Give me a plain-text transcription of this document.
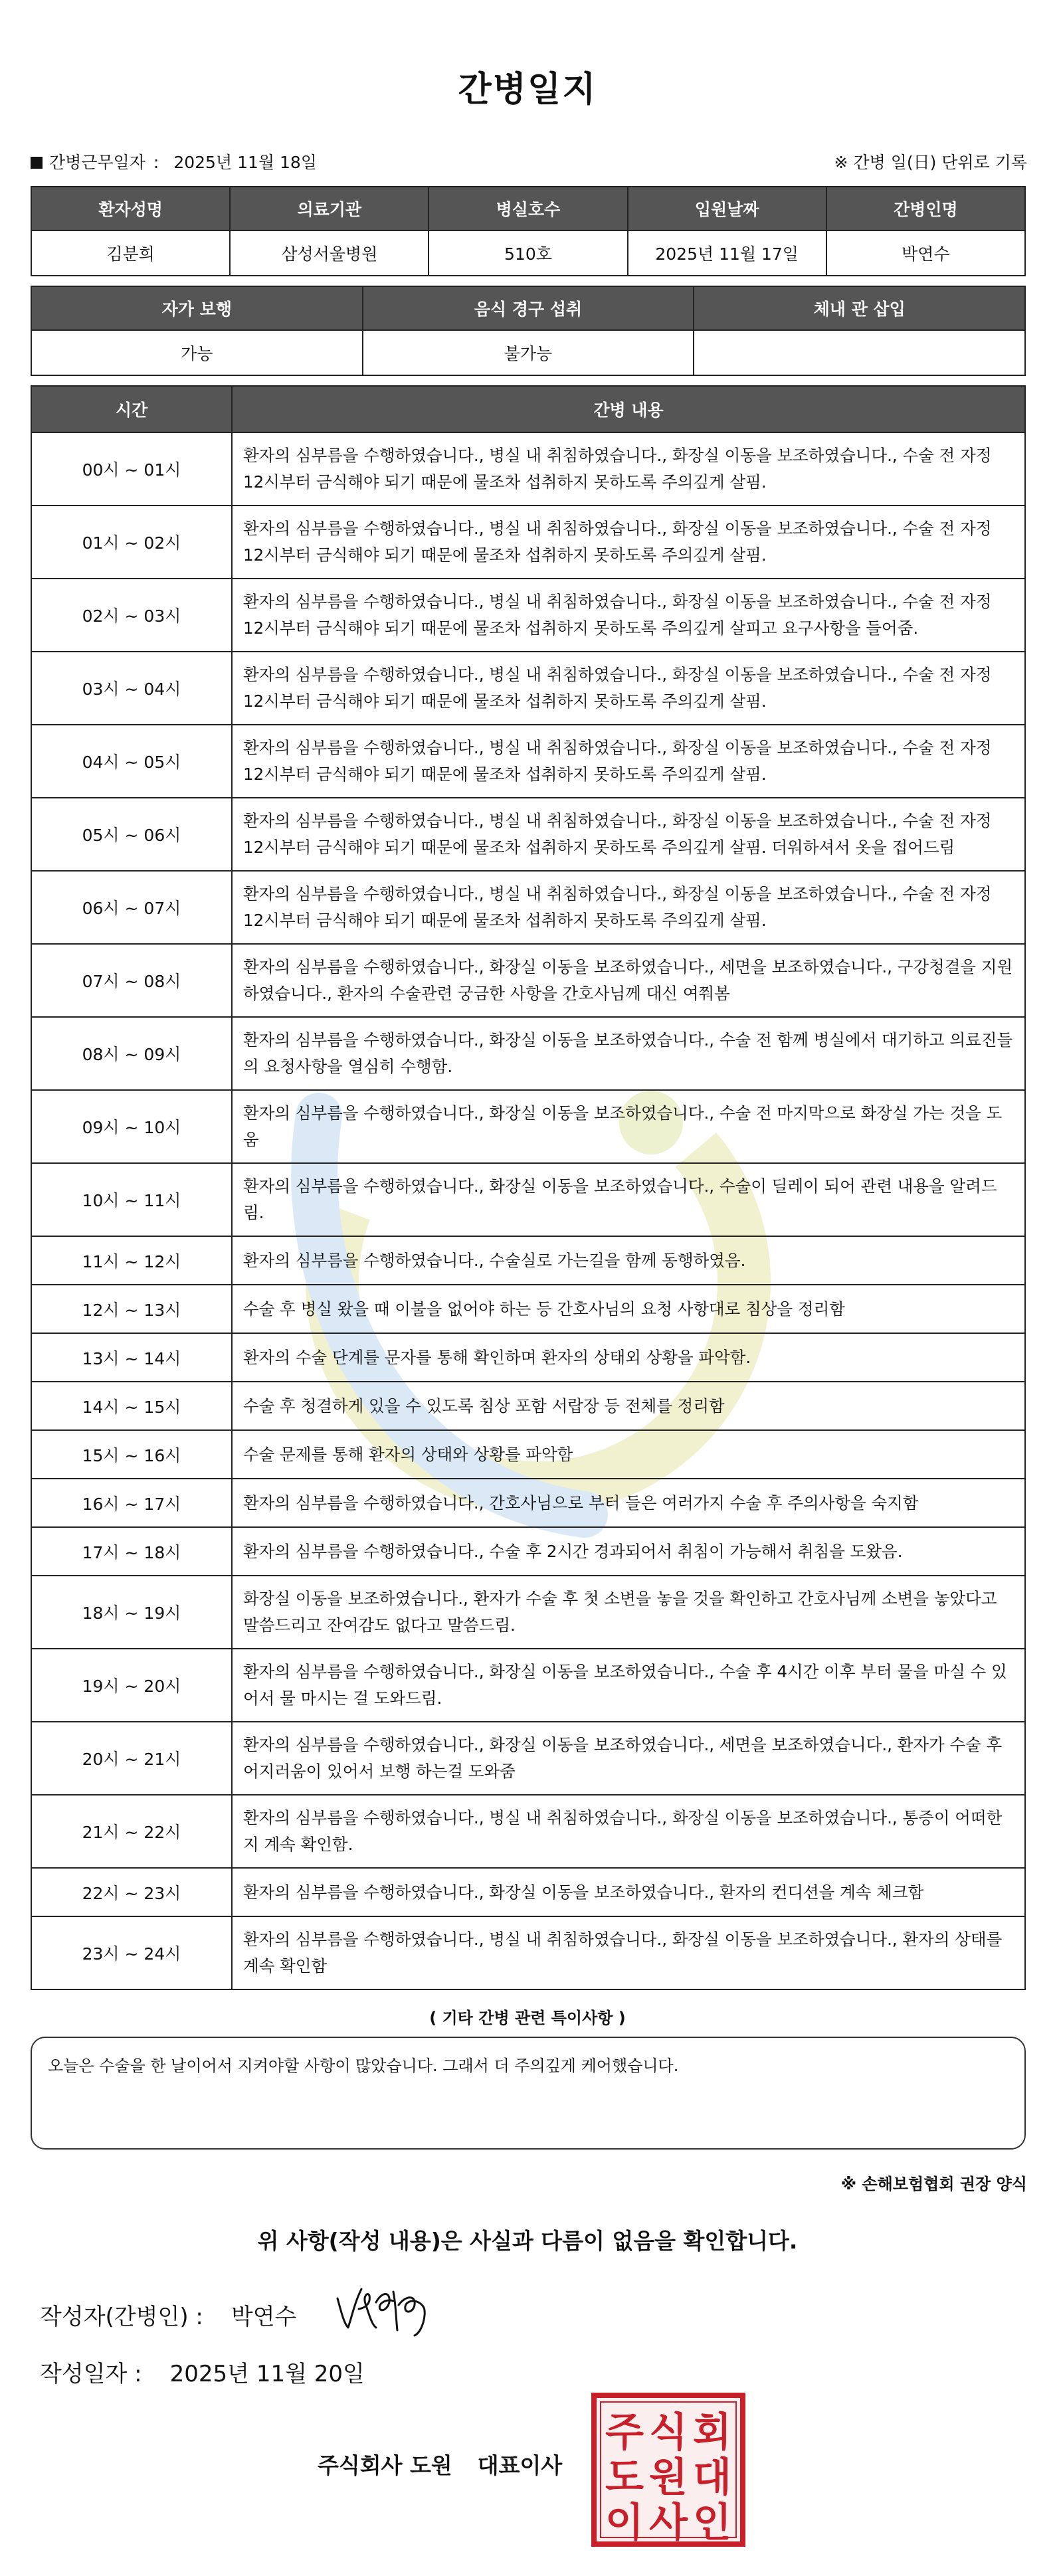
간병일지
간병근무일자 : 2025년 11월 18일	※ 간병 일(日) 단위로 기록
환자성명	의료기관	병실호수	입원날짜	간병인명
김분희	삼성서울병원	510호	2025년 11월 17일	박연수
자가 보행	음식 경구 섭취	체내 관 삽입
가능	불가능	
시간	간병 내용
00시 ~ 01시	환자의 심부름을 수행하였습니다., 병실 내 취침하였습니다., 화장실 이동을 보조하였습니다., 수술 전 자정 12시부터 금식해야 되기 때문에 물조차 섭취하지 못하도록 주의깊게 살핌.
01시 ~ 02시	환자의 심부름을 수행하였습니다., 병실 내 취침하였습니다., 화장실 이동을 보조하였습니다., 수술 전 자정 12시부터 금식해야 되기 때문에 물조차 섭취하지 못하도록 주의깊게 살핌.
02시 ~ 03시	환자의 심부름을 수행하였습니다., 병실 내 취침하였습니다., 화장실 이동을 보조하였습니다., 수술 전 자정 12시부터 금식해야 되기 때문에 물조차 섭취하지 못하도록 주의깊게 살피고 요구사항을 들어줌.
03시 ~ 04시	환자의 심부름을 수행하였습니다., 병실 내 취침하였습니다., 화장실 이동을 보조하였습니다., 수술 전 자정 12시부터 금식해야 되기 때문에 물조차 섭취하지 못하도록 주의깊게 살핌.
04시 ~ 05시	환자의 심부름을 수행하였습니다., 병실 내 취침하였습니다., 화장실 이동을 보조하였습니다., 수술 전 자정 12시부터 금식해야 되기 때문에 물조차 섭취하지 못하도록 주의깊게 살핌.
05시 ~ 06시	환자의 심부름을 수행하였습니다., 병실 내 취침하였습니다., 화장실 이동을 보조하였습니다., 수술 전 자정 12시부터 금식해야 되기 때문에 물조차 섭취하지 못하도록 주의깊게 살핌. 더워하셔서 옷을 접어드림
06시 ~ 07시	환자의 심부름을 수행하였습니다., 병실 내 취침하였습니다., 화장실 이동을 보조하였습니다., 수술 전 자정 12시부터 금식해야 되기 때문에 물조차 섭취하지 못하도록 주의깊게 살핌.
07시 ~ 08시	환자의 심부름을 수행하였습니다., 화장실 이동을 보조하였습니다., 세면을 보조하였습니다., 구강청결을 지원하였습니다., 환자의 수술관련 궁금한 사항을 간호사님께 대신 여쭤봄
08시 ~ 09시	환자의 심부름을 수행하였습니다., 화장실 이동을 보조하였습니다., 수술 전 함께 병실에서 대기하고 의료진들의 요청사항을 열심히 수행함.
09시 ~ 10시	환자의 심부름을 수행하였습니다., 화장실 이동을 보조하였습니다., 수술 전 마지막으로 화장실 가는 것을 도움
10시 ~ 11시	환자의 심부름을 수행하였습니다., 화장실 이동을 보조하였습니다., 수술이 딜레이 되어 관련 내용을 알려드림.
11시 ~ 12시	환자의 심부름을 수행하였습니다., 수술실로 가는길을 함께 동행하였음.
12시 ~ 13시	수술 후 병실 왔을 때 이불을 없어야 하는 등 간호사님의 요청 사항대로 침상을 정리함
13시 ~ 14시	환자의 수술 단계를 문자를 통해 확인하며 환자의 상태외 상황을 파악함.
14시 ~ 15시	수술 후 청결하게 있을 수 있도록 침상 포함 서랍장 등 전체를 정리함
15시 ~ 16시	수술 문제를 통해 환자의 상태와 상황를 파악함
16시 ~ 17시	환자의 심부름을 수행하였습니다., 간호사님으로 부터 들은 여러가지 수술 후 주의사항을 숙지함
17시 ~ 18시	환자의 심부름을 수행하였습니다., 수술 후 2시간 경과되어서 취침이 가능해서 취침을 도왔음.
18시 ~ 19시	화장실 이동을 보조하였습니다., 환자가 수술 후 첫 소변을 놓을 것을 확인하고 간호사님께 소변을 놓았다고 말씀드리고 잔여감도 없다고 말씀드림.
19시 ~ 20시	환자의 심부름을 수행하였습니다., 화장실 이동을 보조하였습니다., 수술 후 4시간 이후 부터 물을 마실 수 있어서 물 마시는 걸 도와드림.
20시 ~ 21시	환자의 심부름을 수행하였습니다., 화장실 이동을 보조하였습니다., 세면을 보조하였습니다., 환자가 수술 후 어지러움이 있어서 보행 하는걸 도와줌
21시 ~ 22시	환자의 심부름을 수행하였습니다., 병실 내 취침하였습니다., 화장실 이동을 보조하였습니다., 통증이 어떠한지 계속 확인함.
22시 ~ 23시	환자의 심부름을 수행하였습니다., 화장실 이동을 보조하였습니다., 환자의 컨디션을 계속 체크함
23시 ~ 24시	환자의 심부름을 수행하였습니다., 병실 내 취침하였습니다., 화장실 이동을 보조하였습니다., 환자의 상태를 계속 확인함
( 기타 간병 관련 특이사항 )
오늘은 수술을 한 날이어서 지켜야할 사항이 많았습니다. 그래서 더 주의깊게 케어했습니다.
※ 손해보험협회 권장 양식
위 사항(작성 내용)은 사실과 다름이 없음을 확인합니다.
작성자(간병인) : 박연수
작성일자 : 2025년 11월 20일
주식회사 도원 대표이사
주 식 회
도 원 대
이 사 인
